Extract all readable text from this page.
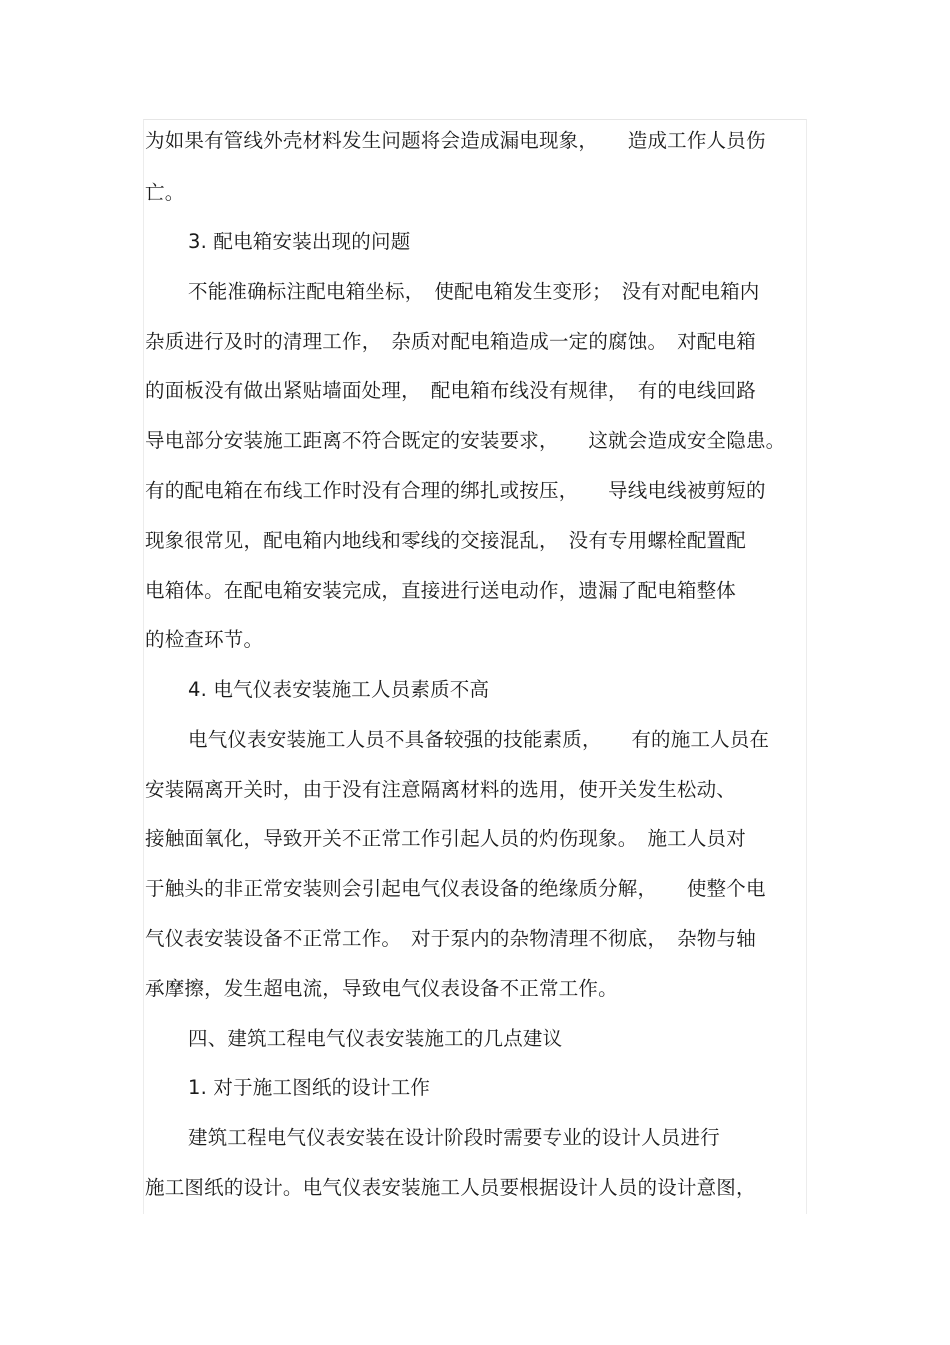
为如果有管线外壳材料发生问题将会造成漏电现象，　　造成工作人员伤
亡。
3. 配电箱安装出现的问题
不能准确标注配电箱坐标，　使配电箱发生变形；　没有对配电箱内
杂质进行及时的清理工作，　杂质对配电箱造成一定的腐蚀。　对配电箱
的面板没有做出紧贴墙面处理，　配电箱布线没有规律，　有的电线回路
导电部分安装施工距离不符合既定的安装要求，　　这就会造成安全隐患。
有的配电箱在布线工作时没有合理的绑扎或按压，　　导线电线被剪短的
现象很常见，配电箱内地线和零线的交接混乱，　没有专用螺栓配置配
电箱体。在配电箱安装完成，直接进行送电动作，遗漏了配电箱整体
的检查环节。
4. 电气仪表安装施工人员素质不高
电气仪表安装施工人员不具备较强的技能素质，　　有的施工人员在
安装隔离开关时，由于没有注意隔离材料的选用，使开关发生松动、
接触面氧化，导致开关不正常工作引起人员的灼伤现象。　施工人员对
于触头的非正常安装则会引起电气仪表设备的绝缘质分解，　　使整个电
气仪表安装设备不正常工作。　对于泵内的杂物清理不彻底，　杂物与轴
承摩擦，发生超电流，导致电气仪表设备不正常工作。
四、建筑工程电气仪表安装施工的几点建议
1. 对于施工图纸的设计工作
建筑工程电气仪表安装在设计阶段时需要专业的设计人员进行
施工图纸的设计。电气仪表安装施工人员要根据设计人员的设计意图，
